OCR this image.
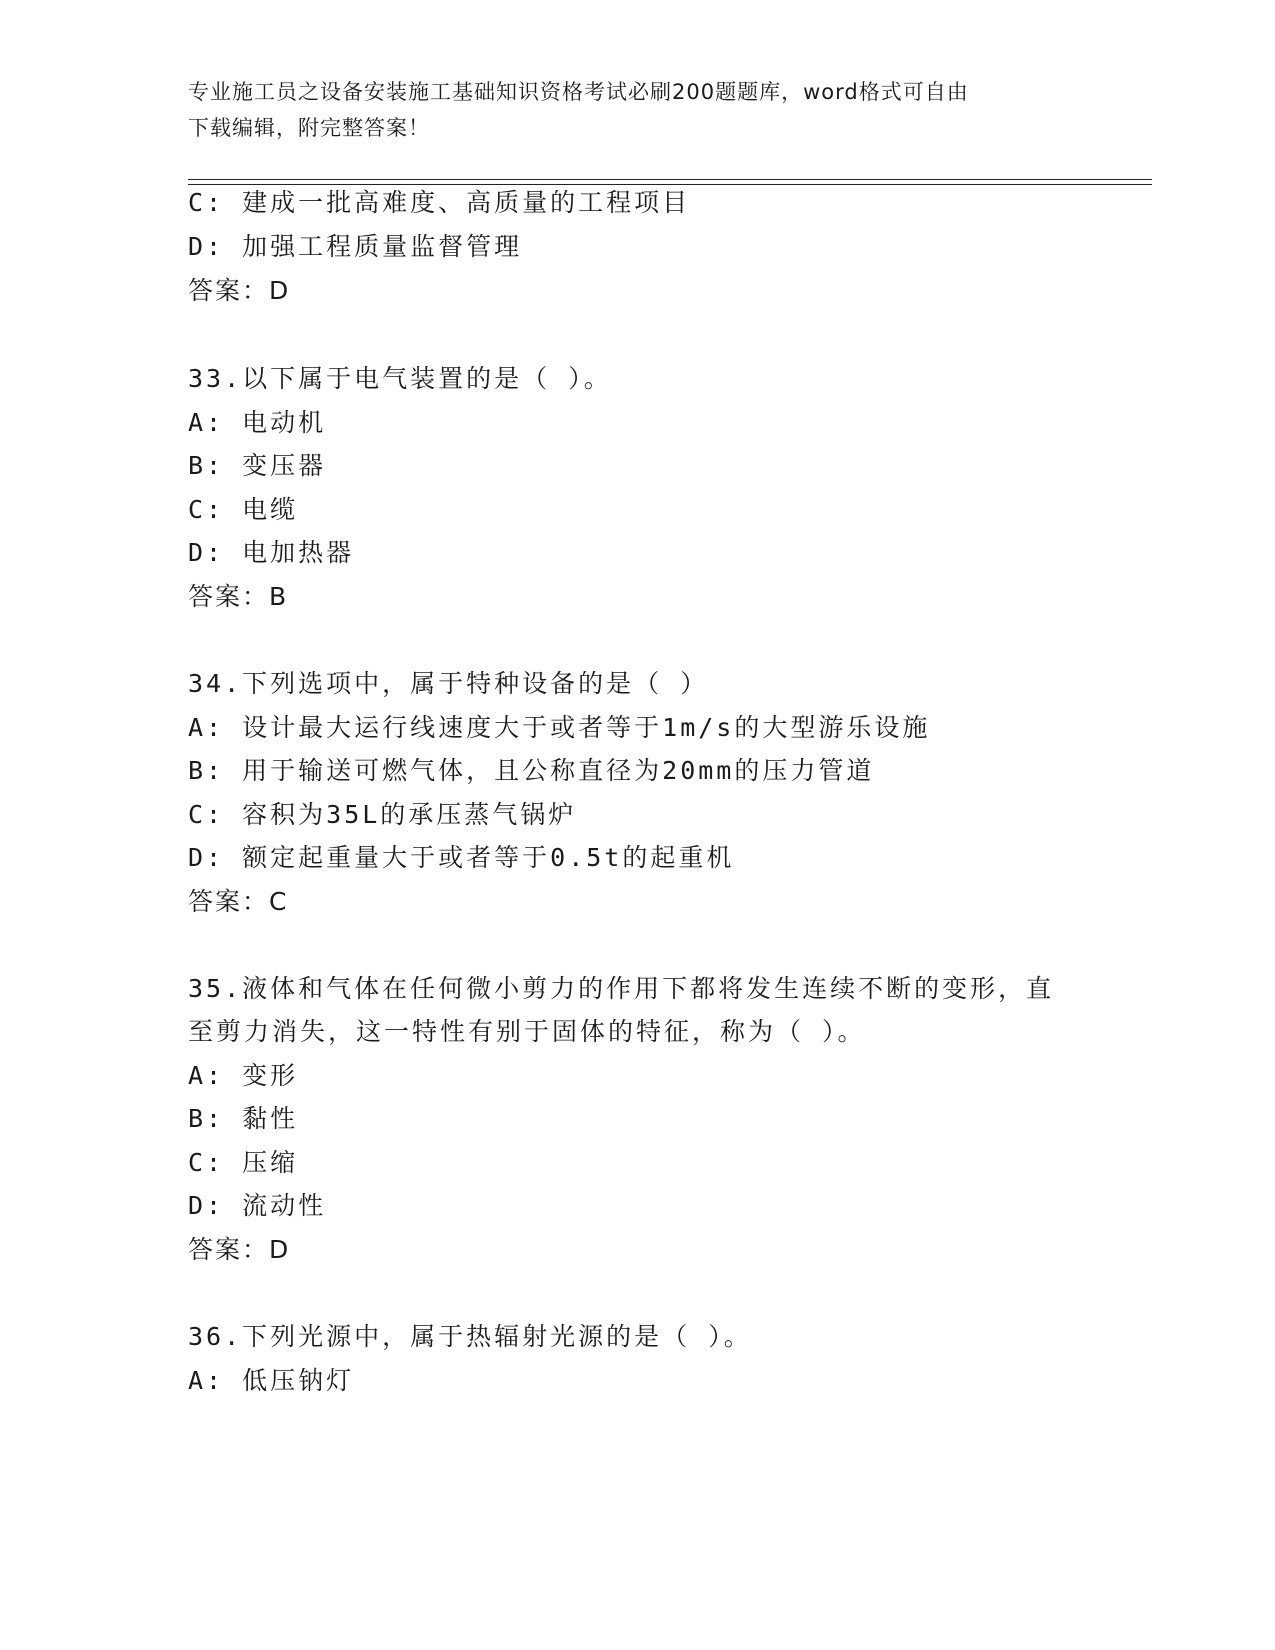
专业施工员之设备安装施工基础知识资格考试必刷200题题库，word格式可自由
下载编辑，附完整答案！
C: 建成一批高难度、高质量的工程项目
D: 加强工程质量监督管理
答案：D
33.以下属于电气装置的是（ ）。
A: 电动机
B: 变压器
C: 电缆
D: 电加热器
答案：B
34.下列选项中，属于特种设备的是（ ）
A: 设计最大运行线速度大于或者等于1m/s的大型游乐设施
B: 用于输送可燃气体，且公称直径为20mm的压力管道
C: 容积为35L的承压蒸气锅炉
D: 额定起重量大于或者等于0.5t的起重机
答案：C
35.液体和气体在任何微小剪力的作用下都将发生连续不断的变形，直
至剪力消失，这一特性有别于固体的特征，称为（ ）。
A: 变形
B: 黏性
C: 压缩
D: 流动性
答案：D
36.下列光源中，属于热辐射光源的是（ ）。
A: 低压钠灯
